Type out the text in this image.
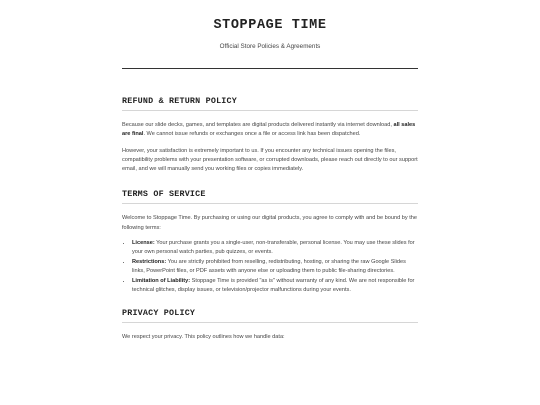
STOPPAGE TIME
Official Store Policies & Agreements
REFUND & RETURN POLICY

Because our slide decks, games, and templates are digital products delivered instantly via internet download, all sales are final. We cannot issue refunds or exchanges once a file or access link has been dispatched.

However, your satisfaction is extremely important to us. If you encounter any technical issues opening the files, compatibility problems with your presentation software, or corrupted downloads, please reach out directly to our support email, and we will manually send you working files or copies immediately.

TERMS OF SERVICE

Welcome to Stoppage Time. By purchasing or using our digital products, you agree to comply with and be bound by the following terms:

• License: Your purchase grants you a single-user, non-transferable, personal license. You may use these slides for your own personal watch parties, pub quizzes, or events.
• Restrictions: You are strictly prohibited from reselling, redistributing, hosting, or sharing the raw Google Slides links, PowerPoint files, or PDF assets with anyone else or uploading them to public file-sharing directories.
• Limitation of Liability: Stoppage Time is provided "as is" without warranty of any kind. We are not responsible for technical glitches, display issues, or television/projector malfunctions during your events.
PRIVACY POLICY

We respect your privacy. This policy outlines how we handle data:
